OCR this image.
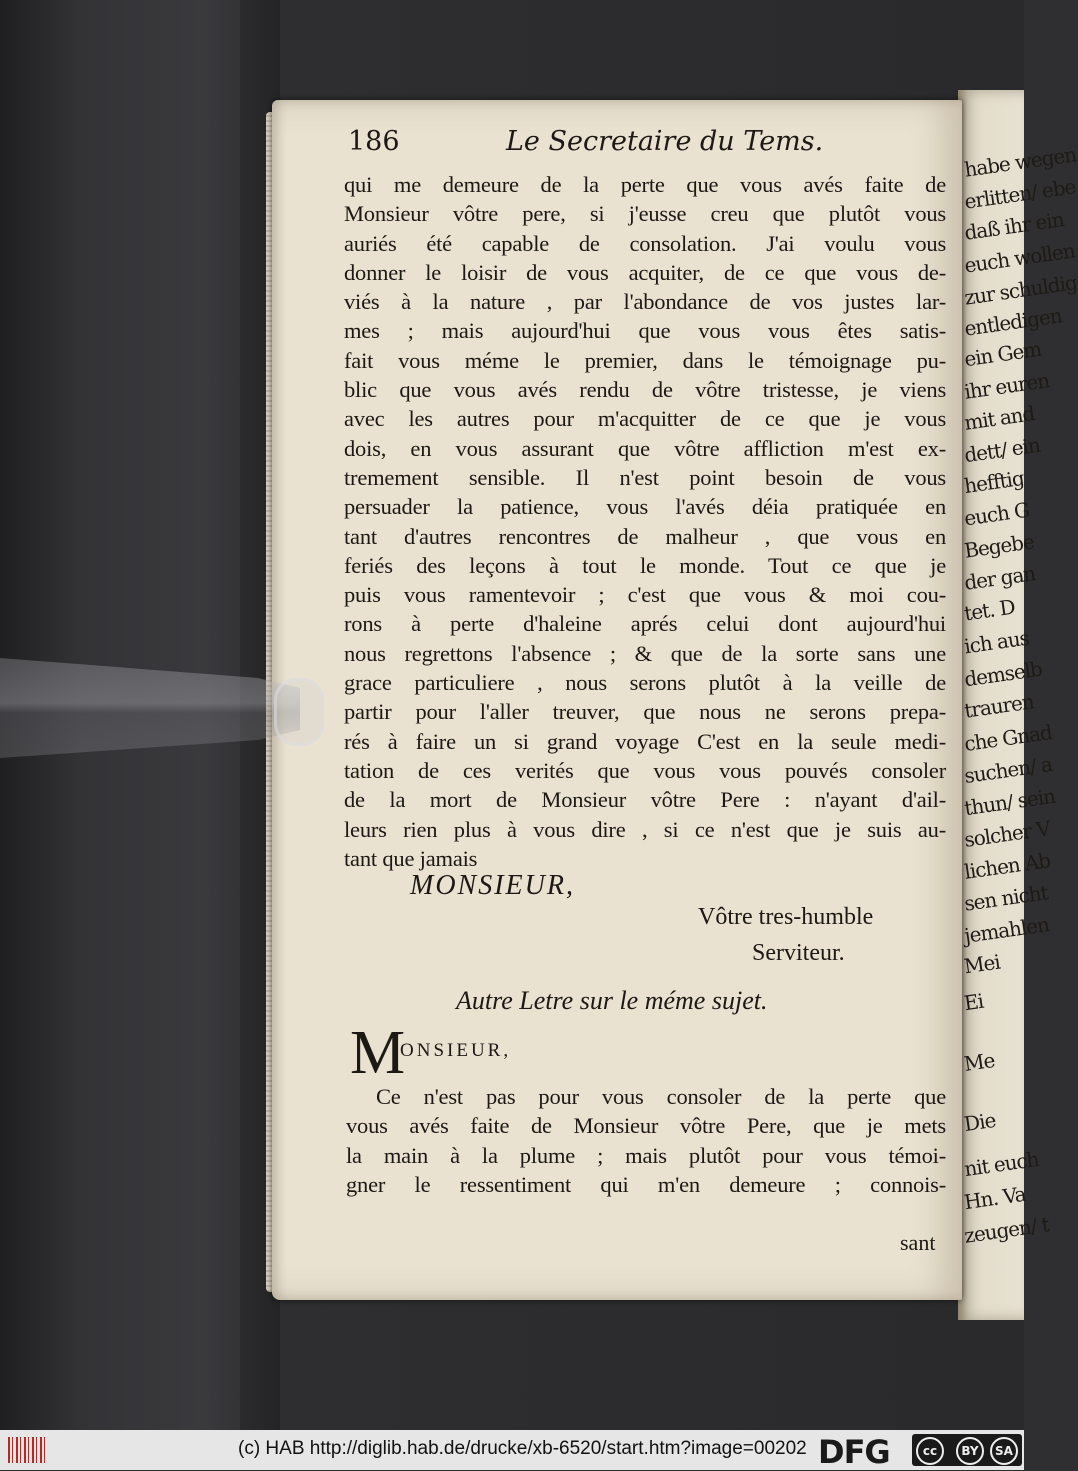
habe wegen
erlitten/ ebe
daß ihr ein
euch wollen
zur schuldig
entledigen
ein Gem
ihr euren
mit and
dett/ ein
hefftig
euch G
Begebe
der gan
tet. D
ich aus
demselb
trauren
che Gnad
suchen/ a
thun/ sein
solcher V
lichen Ab
sen nicht
jemahlen
Mei
Ei
Me
Die
nit euch
Hn. Va
zeugen/ t
186	Le Secretaire du Tems.
qui me demeure de la perte que vous avés faite de
Monsieur vôtre pere, si j'eusse creu que plutôt vous
auriés été capable de consolation. J'ai voulu vous
donner le loisir de vous acquiter, de ce que vous de-
viés à la nature , par l'abondance de vos justes lar-
mes ; mais aujourd'hui que vous vous êtes satis-
fait vous méme le premier, dans le témoignage pu-
blic que vous avés rendu de vôtre tristesse, je viens
avec les autres pour m'acquitter de ce que je vous
dois, en vous assurant que vôtre affliction m'est ex-
tremement sensible. Il n'est point besoin de vous
persuader la patience, vous l'avés déia pratiquée en
tant d'autres rencontres de malheur , que vous en
feriés des leçons à tout le monde. Tout ce que je
puis vous ramentevoir ; c'est que vous & moi cou-
rons à perte d'haleine aprés celui dont aujourd'hui
nous regrettons l'absence ; & que de la sorte sans une
grace particuliere , nous serons plutôt à la veille de
partir pour l'aller treuver, que nous ne serons prepa-
rés à faire un si grand voyage C'est en la seule medi-
tation de ces verités que vous vous pouvés consoler
de la mort de Monsieur vôtre Pere : n'ayant d'ail-
leurs rien plus à vous dire , si ce n'est que je suis au-
tant que jamais
MONSIEUR,
Vôtre tres-humble
Serviteur.
Autre Letre sur le méme sujet.
M
ONSIEUR,
Ce n'est pas pour vous consoler de la perte que
vous avés faite de Monsieur vôtre Pere, que je mets
la main à la plume ; mais plutôt pour vous témoi-
gner le ressentiment qui m'en demeure ; connois-
sant
(c) HAB http://diglib.hab.de/drucke/xb-6520/start.htm?image=00202 DFG	cc	BY	SA
